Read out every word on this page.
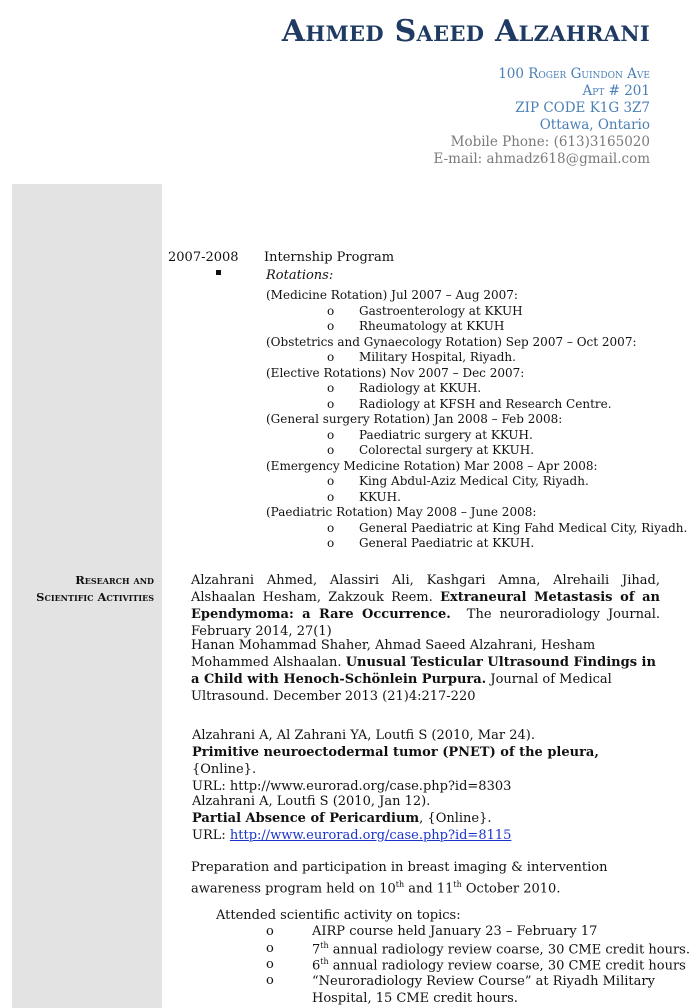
Ahmed Saeed Alzahrani
100 Roger Guindon Ave
Apt # 201
ZIP CODE K1G 3Z7
Ottawa, Ontario
Mobile Phone: (613)3165020
E-mail: ahmadz618@gmail.com
2007-2008 Internship Program
Rotations:
(Medicine Rotation) Jul 2007 – Aug 2007:
o Gastroenterology at KKUH
o Rheumatology at KKUH
(Obstetrics and Gynaecology Rotation) Sep 2007 – Oct 2007:
o Military Hospital, Riyadh.
(Elective Rotations) Nov 2007 – Dec 2007:
o Radiology at KKUH.
o Radiology at KFSH and Research Centre.
(General surgery Rotation) Jan 2008 – Feb 2008:
o Paediatric surgery at KKUH.
o Colorectal surgery at KKUH.
(Emergency Medicine Rotation) Mar 2008 – Apr 2008:
o King Abdul-Aziz Medical City, Riyadh.
o KKUH.
(Paediatric Rotation) May 2008 – June 2008:
o General Paediatric at King Fahd Medical City, Riyadh.
o General Paediatric at KKUH.
Research and
Scientific Activities
Alzahrani Ahmed, Alassiri Ali, Kashgari Amna, Alrehaili Jihad, Alshaalan Hesham, Zakzouk Reem. Extraneural Metastasis of an Ependymoma: a Rare Occurrence. The neuroradiology Journal. February 2014, 27(1)
Hanan Mohammad Shaher, Ahmad Saeed Alzahrani, Hesham Mohammed Alshaalan. Unusual Testicular Ultrasound Findings in a Child with Henoch-Schönlein Purpura. Journal of Medical Ultrasound. December 2013 (21)4:217-220
Alzahrani A, Al Zahrani YA, Loutfi S (2010, Mar 24).
Primitive neuroectodermal tumor (PNET) of the pleura, {Online}.
URL: http://www.eurorad.org/case.php?id=8303
Alzahrani A, Loutfi S (2010, Jan 12).
Partial Absence of Pericardium, {Online}.
URL: http://www.eurorad.org/case.php?id=8115
Preparation and participation in breast imaging & intervention awareness program held on 10th and 11th October 2010.
Attended scientific activity on topics:
o	AIRP course held January 23 – February 17
o	7th annual radiology review coarse, 30 CME credit hours.
o	6th annual radiology review coarse, 30 CME credit hours
o	“Neuroradiology Review Course” at Riyadh Military
Hospital, 15 CME credit hours.
